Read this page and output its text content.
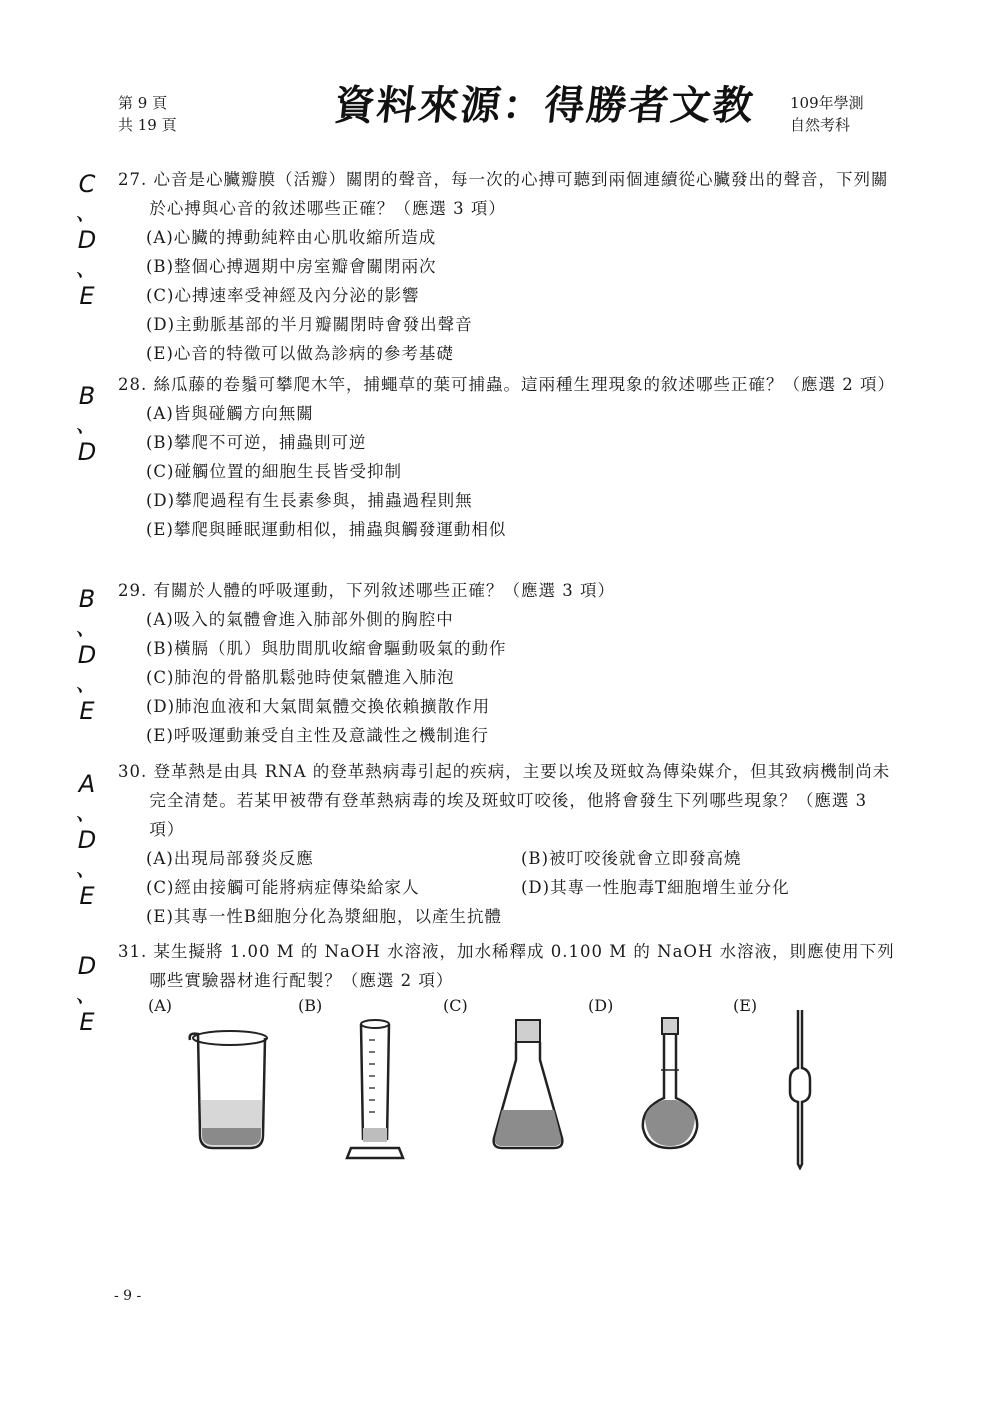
第 9 頁
共 19 頁	資料來源：得勝者文教 109年學測
自然考科
C
、
D
、
E
B
、
D
B
、
D
、
E
A
、
D
、
E
D
、
E
27. 心音是心臟瓣膜（活瓣）關閉的聲音，每一次的心搏可聽到兩個連續從心臟發出的聲音，下列關於心搏與心音的敘述哪些正確？（應選 3 項）
(A)心臟的搏動純粹由心肌收縮所造成
(B)整個心搏週期中房室瓣會關閉兩次
(C)心搏速率受神經及內分泌的影響
(D)主動脈基部的半月瓣關閉時會發出聲音
(E)心音的特徵可以做為診病的參考基礎
28. 絲瓜藤的卷鬚可攀爬木竿，捕蠅草的葉可捕蟲。這兩種生理現象的敘述哪些正確？（應選 2 項）
(A)皆與碰觸方向無關
(B)攀爬不可逆，捕蟲則可逆
(C)碰觸位置的細胞生長皆受抑制
(D)攀爬過程有生長素參與，捕蟲過程則無
(E)攀爬與睡眠運動相似，捕蟲與觸發運動相似
29. 有關於人體的呼吸運動，下列敘述哪些正確？（應選 3 項）
(A)吸入的氣體會進入肺部外側的胸腔中
(B)橫膈（肌）與肋間肌收縮會驅動吸氣的動作
(C)肺泡的骨骼肌鬆弛時使氣體進入肺泡
(D)肺泡血液和大氣間氣體交換依賴擴散作用
(E)呼吸運動兼受自主性及意識性之機制進行
30. 登革熱是由具 RNA 的登革熱病毒引起的疾病，主要以埃及斑蚊為傳染媒介，但其致病機制尚未完全清楚。若某甲被帶有登革熱病毒的埃及斑蚊叮咬後，他將會發生下列哪些現象？（應選 3 項）
(A)出現局部發炎反應	(B)被叮咬後就會立即發高燒
(C)經由接觸可能將病症傳染給家人	(D)其專一性胞毒T細胞增生並分化
(E)其專一性B細胞分化為漿細胞，以產生抗體
31. 某生擬將 1.00 M 的 NaOH 水溶液，加水稀釋成 0.100 M 的 NaOH 水溶液，則應使用下列哪些實驗器材進行配製？（應選 2 項）
(A)	(B)	(C)	(D)	(E)
- 9 -
